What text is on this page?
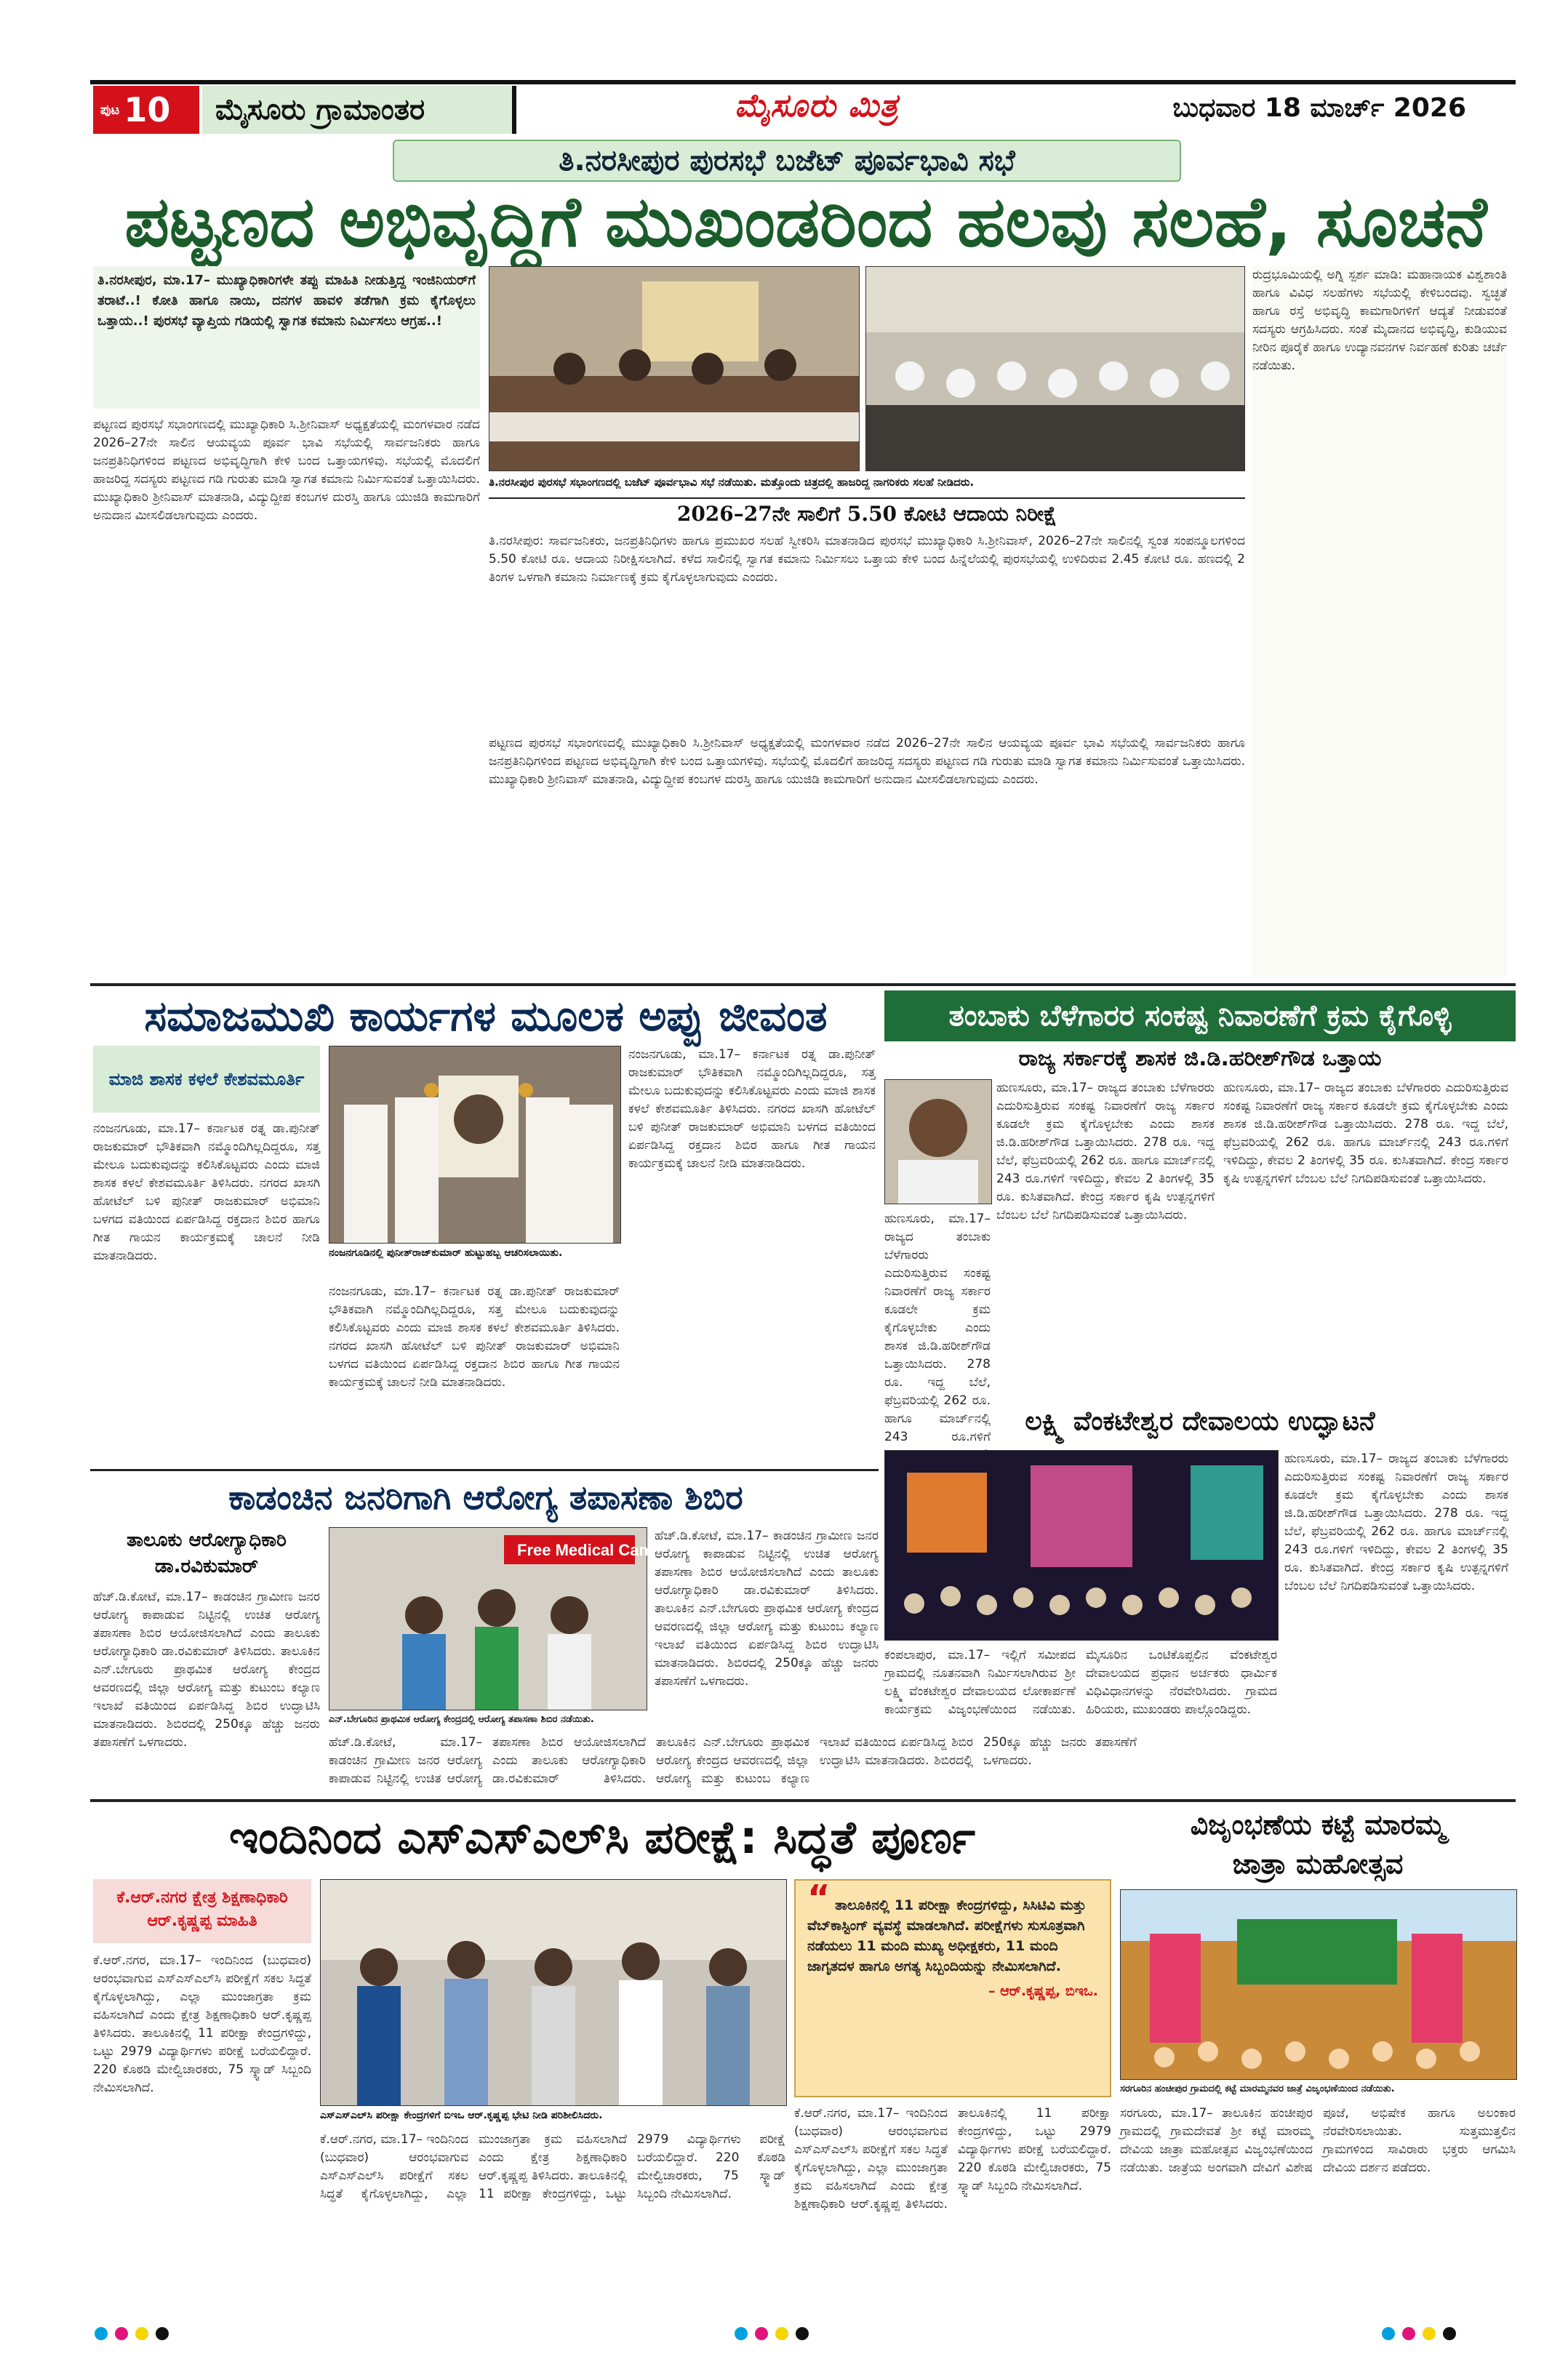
ಪುಟ 10	ಮೈಸೂರು ಗ್ರಾಮಾಂತರ	ಮೈಸೂರು ಮಿತ್ರ	ಬುಧವಾರ 18 ಮಾರ್ಚ್ 2026
ತಿ.ನರಸೀಪುರ ಪುರಸಭೆ ಬಜೆಟ್ ಪೂರ್ವಭಾವಿ ಸಭೆ
ಪಟ್ಟಣದ ಅಭಿವೃದ್ಧಿಗೆ ಮುಖಂಡರಿಂದ ಹಲವು ಸಲಹೆ, ಸೂಚನೆ
ತಿ.ನರಸೀಪುರ, ಮಾ.17– ಮುಖ್ಯಾಧಿಕಾರಿಗಳೇ ತಪ್ಪು ಮಾಹಿತಿ ನೀಡುತ್ತಿದ್ದ ಇಂಜಿನಿಯರ್‌ಗೆ ತರಾಟೆ..! ಕೋತಿ ಹಾಗೂ ನಾಯಿ, ದನಗಳ ಹಾವಳಿ ತಡೆಗಾಗಿ ಕ್ರಮ ಕೈಗೊಳ್ಳಲು ಒತ್ತಾಯ..! ಪುರಸಭೆ ವ್ಯಾಪ್ತಿಯ ಗಡಿಯಲ್ಲಿ ಸ್ವಾಗತ ಕಮಾನು ನಿರ್ಮಿಸಲು ಆಗ್ರಹ..!
ಪಟ್ಟಣದ ಪುರಸಭೆ ಸಭಾಂಗಣದಲ್ಲಿ ಮುಖ್ಯಾಧಿಕಾರಿ ಸಿ.ಶ್ರೀನಿವಾಸ್ ಅಧ್ಯಕ್ಷತೆಯಲ್ಲಿ ಮಂಗಳವಾರ ನಡೆದ 2026–27ನೇ ಸಾಲಿನ ಆಯವ್ಯಯ ಪೂರ್ವ ಭಾವಿ ಸಭೆಯಲ್ಲಿ ಸಾರ್ವಜನಿಕರು ಹಾಗೂ ಜನಪ್ರತಿನಿಧಿಗಳಿಂದ ಪಟ್ಟಣದ ಅಭಿವೃದ್ಧಿಗಾಗಿ ಕೇಳಿ ಬಂದ ಒತ್ತಾಯಗಳಿವು. ಸಭೆಯಲ್ಲಿ ಮೊದಲಿಗೆ ಹಾಜರಿದ್ದ ಸದಸ್ಯರು ಪಟ್ಟಣದ ಗಡಿ ಗುರುತು ಮಾಡಿ ಸ್ವಾಗತ ಕಮಾನು ನಿರ್ಮಿಸುವಂತೆ ಒತ್ತಾಯಿಸಿದರು. ಮುಖ್ಯಾಧಿಕಾರಿ ಶ್ರೀನಿವಾಸ್ ಮಾತನಾಡಿ, ವಿದ್ಯುದ್ದೀಪ ಕಂಬಗಳ ದುರಸ್ತಿ ಹಾಗೂ ಯುಜಿಡಿ ಕಾಮಗಾರಿಗೆ ಅನುದಾನ ಮೀಸಲಿಡಲಾಗುವುದು ಎಂದರು.
ತಿ.ನರಸೀಪುರ ಪುರಸಭೆ ಸಭಾಂಗಣದಲ್ಲಿ ಬಜೆಟ್ ಪೂರ್ವಭಾವಿ ಸಭೆ ನಡೆಯಿತು. ಮತ್ತೊಂದು ಚಿತ್ರದಲ್ಲಿ ಹಾಜರಿದ್ದ ನಾಗರಿಕರು ಸಲಹೆ ನೀಡಿದರು.
2026–27ನೇ ಸಾಲಿಗೆ 5.50 ಕೋಟಿ ಆದಾಯ ನಿರೀಕ್ಷೆ
ತಿ.ನರಸೀಪುರ: ಸಾರ್ವಜನಿಕರು, ಜನಪ್ರತಿನಿಧಿಗಳು ಹಾಗೂ ಪ್ರಮುಖರ ಸಲಹೆ ಸ್ವೀಕರಿಸಿ ಮಾತನಾಡಿದ ಪುರಸಭೆ ಮುಖ್ಯಾಧಿಕಾರಿ ಸಿ.ಶ್ರೀನಿವಾಸ್, 2026–27ನೇ ಸಾಲಿನಲ್ಲಿ ಸ್ವಂತ ಸಂಪನ್ಮೂಲಗಳಿಂದ 5.50 ಕೋಟಿ ರೂ. ಆದಾಯ ನಿರೀಕ್ಷಿಸಲಾಗಿದೆ. ಕಳೆದ ಸಾಲಿನಲ್ಲಿ ಸ್ವಾಗತ ಕಮಾನು ನಿರ್ಮಿಸಲು ಒತ್ತಾಯ ಕೇಳಿ ಬಂದ ಹಿನ್ನೆಲೆಯಲ್ಲಿ ಪುರಸಭೆಯಲ್ಲಿ ಉಳಿದಿರುವ 2.45 ಕೋಟಿ ರೂ. ಹಣದಲ್ಲಿ 2 ತಿಂಗಳ ಒಳಗಾಗಿ ಕಮಾನು ನಿರ್ಮಾಣಕ್ಕೆ ಕ್ರಮ ಕೈಗೊಳ್ಳಲಾಗುವುದು ಎಂದರು.
ಪಟ್ಟಣದ ಪುರಸಭೆ ಸಭಾಂಗಣದಲ್ಲಿ ಮುಖ್ಯಾಧಿಕಾರಿ ಸಿ.ಶ್ರೀನಿವಾಸ್ ಅಧ್ಯಕ್ಷತೆಯಲ್ಲಿ ಮಂಗಳವಾರ ನಡೆದ 2026–27ನೇ ಸಾಲಿನ ಆಯವ್ಯಯ ಪೂರ್ವ ಭಾವಿ ಸಭೆಯಲ್ಲಿ ಸಾರ್ವಜನಿಕರು ಹಾಗೂ ಜನಪ್ರತಿನಿಧಿಗಳಿಂದ ಪಟ್ಟಣದ ಅಭಿವೃದ್ಧಿಗಾಗಿ ಕೇಳಿ ಬಂದ ಒತ್ತಾಯಗಳಿವು. ಸಭೆಯಲ್ಲಿ ಮೊದಲಿಗೆ ಹಾಜರಿದ್ದ ಸದಸ್ಯರು ಪಟ್ಟಣದ ಗಡಿ ಗುರುತು ಮಾಡಿ ಸ್ವಾಗತ ಕಮಾನು ನಿರ್ಮಿಸುವಂತೆ ಒತ್ತಾಯಿಸಿದರು. ಮುಖ್ಯಾಧಿಕಾರಿ ಶ್ರೀನಿವಾಸ್ ಮಾತನಾಡಿ, ವಿದ್ಯುದ್ದೀಪ ಕಂಬಗಳ ದುರಸ್ತಿ ಹಾಗೂ ಯುಜಿಡಿ ಕಾಮಗಾರಿಗೆ ಅನುದಾನ ಮೀಸಲಿಡಲಾಗುವುದು ಎಂದರು.
ರುದ್ರಭೂಮಿಯಲ್ಲಿ ಅಗ್ನಿ ಸ್ಪರ್ಶ ಮಾಡಿ: ಮಹಾನಾಯಕ ವಿಶ್ವಶಾಂತಿ ಹಾಗೂ ವಿವಿಧ ಸಲಹೆಗಳು ಸಭೆಯಲ್ಲಿ ಕೇಳಿಬಂದವು. ಸ್ವಚ್ಛತೆ ಹಾಗೂ ರಸ್ತೆ ಅಭಿವೃದ್ಧಿ ಕಾಮಗಾರಿಗಳಿಗೆ ಆದ್ಯತೆ ನೀಡುವಂತೆ ಸದಸ್ಯರು ಆಗ್ರಹಿಸಿದರು. ಸಂತೆ ಮೈದಾನದ ಅಭಿವೃದ್ಧಿ, ಕುಡಿಯುವ ನೀರಿನ ಪೂರೈಕೆ ಹಾಗೂ ಉದ್ಯಾನವನಗಳ ನಿರ್ವಹಣೆ ಕುರಿತು ಚರ್ಚೆ ನಡೆಯಿತು.
ಸಮಾಜಮುಖಿ ಕಾರ್ಯಗಳ ಮೂಲಕ ಅಪ್ಪು ಜೀವಂತ
ಮಾಜಿ ಶಾಸಕ ಕಳಲೆ ಕೇಶವಮೂರ್ತಿ
ನಂಜನಗೂಡು, ಮಾ.17– ಕರ್ನಾಟಕ ರತ್ನ ಡಾ.ಪುನೀತ್ ರಾಜಕುಮಾರ್ ಭೌತಿಕವಾಗಿ ನಮ್ಮೊಂದಿಗಿಲ್ಲದಿದ್ದರೂ, ಸತ್ತ ಮೇಲೂ ಬದುಕುವುದನ್ನು ಕಲಿಸಿಕೊಟ್ಟವರು ಎಂದು ಮಾಜಿ ಶಾಸಕ ಕಳಲೆ ಕೇಶವಮೂರ್ತಿ ತಿಳಿಸಿದರು. ನಗರದ ಖಾಸಗಿ ಹೋಟೆಲ್ ಬಳಿ ಪುನೀತ್ ರಾಜಕುಮಾರ್ ಅಭಿಮಾನಿ ಬಳಗದ ವತಿಯಿಂದ ಏರ್ಪಡಿಸಿದ್ದ ರಕ್ತದಾನ ಶಿಬಿರ ಹಾಗೂ ಗೀತ ಗಾಯನ ಕಾರ್ಯಕ್ರಮಕ್ಕೆ ಚಾಲನೆ ನೀಡಿ ಮಾತನಾಡಿದರು.	ನಂಜನಗೂಡಿನಲ್ಲಿ ಪುನೀತ್‌ರಾಜ್‌ಕುಮಾರ್ ಹುಟ್ಟುಹಬ್ಬ ಆಚರಿಸಲಾಯಿತು.
ನಂಜನಗೂಡು, ಮಾ.17– ಕರ್ನಾಟಕ ರತ್ನ ಡಾ.ಪುನೀತ್ ರಾಜಕುಮಾರ್ ಭೌತಿಕವಾಗಿ ನಮ್ಮೊಂದಿಗಿಲ್ಲದಿದ್ದರೂ, ಸತ್ತ ಮೇಲೂ ಬದುಕುವುದನ್ನು ಕಲಿಸಿಕೊಟ್ಟವರು ಎಂದು ಮಾಜಿ ಶಾಸಕ ಕಳಲೆ ಕೇಶವಮೂರ್ತಿ ತಿಳಿಸಿದರು. ನಗರದ ಖಾಸಗಿ ಹೋಟೆಲ್ ಬಳಿ ಪುನೀತ್ ರಾಜಕುಮಾರ್ ಅಭಿಮಾನಿ ಬಳಗದ ವತಿಯಿಂದ ಏರ್ಪಡಿಸಿದ್ದ ರಕ್ತದಾನ ಶಿಬಿರ ಹಾಗೂ ಗೀತ ಗಾಯನ ಕಾರ್ಯಕ್ರಮಕ್ಕೆ ಚಾಲನೆ ನೀಡಿ ಮಾತನಾಡಿದರು.
ನಂಜನಗೂಡು, ಮಾ.17– ಕರ್ನಾಟಕ ರತ್ನ ಡಾ.ಪುನೀತ್ ರಾಜಕುಮಾರ್ ಭೌತಿಕವಾಗಿ ನಮ್ಮೊಂದಿಗಿಲ್ಲದಿದ್ದರೂ, ಸತ್ತ ಮೇಲೂ ಬದುಕುವುದನ್ನು ಕಲಿಸಿಕೊಟ್ಟವರು ಎಂದು ಮಾಜಿ ಶಾಸಕ ಕಳಲೆ ಕೇಶವಮೂರ್ತಿ ತಿಳಿಸಿದರು. ನಗರದ ಖಾಸಗಿ ಹೋಟೆಲ್ ಬಳಿ ಪುನೀತ್ ರಾಜಕುಮಾರ್ ಅಭಿಮಾನಿ ಬಳಗದ ವತಿಯಿಂದ ಏರ್ಪಡಿಸಿದ್ದ ರಕ್ತದಾನ ಶಿಬಿರ ಹಾಗೂ ಗೀತ ಗಾಯನ ಕಾರ್ಯಕ್ರಮಕ್ಕೆ ಚಾಲನೆ ನೀಡಿ ಮಾತನಾಡಿದರು.
ತಂಬಾಕು ಬೆಳೆಗಾರರ ಸಂಕಷ್ಟ ನಿವಾರಣೆಗೆ ಕ್ರಮ ಕೈಗೊಳ್ಳಿ
ರಾಜ್ಯ ಸರ್ಕಾರಕ್ಕೆ ಶಾಸಕ ಜಿ.ಡಿ.ಹರೀಶ್‌ಗೌಡ ಒತ್ತಾಯ
ಹುಣಸೂರು, ಮಾ.17– ರಾಜ್ಯದ ತಂಬಾಕು ಬೆಳೆಗಾರರು ಎದುರಿಸುತ್ತಿರುವ ಸಂಕಷ್ಟ ನಿವಾರಣೆಗೆ ರಾಜ್ಯ ಸರ್ಕಾರ ಕೂಡಲೇ ಕ್ರಮ ಕೈಗೊಳ್ಳಬೇಕು ಎಂದು ಶಾಸಕ ಜಿ.ಡಿ.ಹರೀಶ್‌ಗೌಡ ಒತ್ತಾಯಿಸಿದರು. 278 ರೂ. ಇದ್ದ ಬೆಲೆ, ಫೆಬ್ರವರಿಯಲ್ಲಿ 262 ರೂ. ಹಾಗೂ ಮಾರ್ಚ್‌ನಲ್ಲಿ 243 ರೂ.ಗಳಿಗೆ ಇಳಿದಿದ್ದು, ಕೇವಲ 2 ತಿಂಗಳಲ್ಲಿ 35 ರೂ. ಕುಸಿತವಾಗಿದೆ. ಕೇಂದ್ರ ಸರ್ಕಾರ ಕೃಷಿ ಉತ್ಪನ್ನಗಳಿಗೆ ಬೆಂಬಲ ಬೆಲೆ ನಿಗದಿಪಡಿಸುವಂತೆ ಒತ್ತಾಯಿಸಿದರು.
ಹುಣಸೂರು, ಮಾ.17– ರಾಜ್ಯದ ತಂಬಾಕು ಬೆಳೆಗಾರರು ಎದುರಿಸುತ್ತಿರುವ ಸಂಕಷ್ಟ ನಿವಾರಣೆಗೆ ರಾಜ್ಯ ಸರ್ಕಾರ ಕೂಡಲೇ ಕ್ರಮ ಕೈಗೊಳ್ಳಬೇಕು ಎಂದು ಶಾಸಕ ಜಿ.ಡಿ.ಹರೀಶ್‌ಗೌಡ ಒತ್ತಾಯಿಸಿದರು. 278 ರೂ. ಇದ್ದ ಬೆಲೆ, ಫೆಬ್ರವರಿಯಲ್ಲಿ 262 ರೂ. ಹಾಗೂ ಮಾರ್ಚ್‌ನಲ್ಲಿ 243 ರೂ.ಗಳಿಗೆ
ಹುಣಸೂರು, ಮಾ.17– ರಾಜ್ಯದ ತಂಬಾಕು ಬೆಳೆಗಾರರು ಎದುರಿಸುತ್ತಿರುವ ಸಂಕಷ್ಟ ನಿವಾರಣೆಗೆ ರಾಜ್ಯ ಸರ್ಕಾರ ಕೂಡಲೇ ಕ್ರಮ ಕೈಗೊಳ್ಳಬೇಕು ಎಂದು ಶಾಸಕ ಜಿ.ಡಿ.ಹರೀಶ್‌ಗೌಡ ಒತ್ತಾಯಿಸಿದರು. 278 ರೂ. ಇದ್ದ ಬೆಲೆ, ಫೆಬ್ರವರಿಯಲ್ಲಿ 262 ರೂ. ಹಾಗೂ ಮಾರ್ಚ್‌ನಲ್ಲಿ 243 ರೂ.ಗಳಿಗೆ ಇಳಿದಿದ್ದು, ಕೇವಲ 2 ತಿಂಗಳಲ್ಲಿ 35 ರೂ. ಕುಸಿತವಾಗಿದೆ. ಕೇಂದ್ರ ಸರ್ಕಾರ ಕೃಷಿ ಉತ್ಪನ್ನಗಳಿಗೆ ಬೆಂಬಲ ಬೆಲೆ ನಿಗದಿಪಡಿಸುವಂತೆ ಒತ್ತಾಯಿಸಿದರು.
ಲಕ್ಷ್ಮಿ ವೆಂಕಟೇಶ್ವರ ದೇವಾಲಯ ಉದ್ಘಾಟನೆ
ಹುಣಸೂರು, ಮಾ.17– ರಾಜ್ಯದ ತಂಬಾಕು ಬೆಳೆಗಾರರು ಎದುರಿಸುತ್ತಿರುವ ಸಂಕಷ್ಟ ನಿವಾರಣೆಗೆ ರಾಜ್ಯ ಸರ್ಕಾರ ಕೂಡಲೇ ಕ್ರಮ ಕೈಗೊಳ್ಳಬೇಕು ಎಂದು ಶಾಸಕ ಜಿ.ಡಿ.ಹರೀಶ್‌ಗೌಡ ಒತ್ತಾಯಿಸಿದರು. 278 ರೂ. ಇದ್ದ ಬೆಲೆ, ಫೆಬ್ರವರಿಯಲ್ಲಿ 262 ರೂ. ಹಾಗೂ ಮಾರ್ಚ್‌ನಲ್ಲಿ 243 ರೂ.ಗಳಿಗೆ ಇಳಿದಿದ್ದು, ಕೇವಲ 2 ತಿಂಗಳಲ್ಲಿ 35 ರೂ. ಕುಸಿತವಾಗಿದೆ. ಕೇಂದ್ರ ಸರ್ಕಾರ ಕೃಷಿ ಉತ್ಪನ್ನಗಳಿಗೆ ಬೆಂಬಲ ಬೆಲೆ ನಿಗದಿಪಡಿಸುವಂತೆ ಒತ್ತಾಯಿಸಿದರು.
ಕಂಪಲಾಪುರ, ಮಾ.17– ಇಲ್ಲಿಗೆ ಸಮೀಪದ ಗ್ರಾಮದಲ್ಲಿ ನೂತನವಾಗಿ ನಿರ್ಮಿಸಲಾಗಿರುವ ಶ್ರೀ ಲಕ್ಷ್ಮಿ ವೆಂಕಟೇಶ್ವರ ದೇವಾಲಯದ ಲೋಕಾರ್ಪಣೆ ಕಾರ್ಯಕ್ರಮ ವಿಜೃಂಭಣೆಯಿಂದ ನಡೆಯಿತು. ಮೈಸೂರಿನ ಒಂಟಿಕೊಪ್ಪಲಿನ ವೆಂಕಟೇಶ್ವರ ದೇವಾಲಯದ ಪ್ರಧಾನ ಅರ್ಚಕರು ಧಾರ್ಮಿಕ ವಿಧಿವಿಧಾನಗಳನ್ನು ನೆರವೇರಿಸಿದರು. ಗ್ರಾಮದ ಹಿರಿಯರು, ಮುಖಂಡರು ಪಾಲ್ಗೊಂಡಿದ್ದರು.
ಕಾಡಂಚಿನ ಜನರಿಗಾಗಿ ಆರೋಗ್ಯ ತಪಾಸಣಾ ಶಿಬಿರ
ತಾಲೂಕು ಆರೋಗ್ಯಾಧಿಕಾರಿ
ಡಾ.ರವಿಕುಮಾರ್
ಹೆಚ್.ಡಿ.ಕೋಟೆ, ಮಾ.17– ಕಾಡಂಚಿನ ಗ್ರಾಮೀಣ ಜನರ ಆರೋಗ್ಯ ಕಾಪಾಡುವ ನಿಟ್ಟಿನಲ್ಲಿ ಉಚಿತ ಆರೋಗ್ಯ ತಪಾಸಣಾ ಶಿಬಿರ ಆಯೋಜಿಸಲಾಗಿದೆ ಎಂದು ತಾಲೂಕು ಆರೋಗ್ಯಾಧಿಕಾರಿ ಡಾ.ರವಿಕುಮಾರ್ ತಿಳಿಸಿದರು. ತಾಲೂಕಿನ ಎನ್.ಬೇಗೂರು ಪ್ರಾಥಮಿಕ ಆರೋಗ್ಯ ಕೇಂದ್ರದ ಆವರಣದಲ್ಲಿ ಜಿಲ್ಲಾ ಆರೋಗ್ಯ ಮತ್ತು ಕುಟುಂಬ ಕಲ್ಯಾಣ ಇಲಾಖೆ ವತಿಯಿಂದ ಏರ್ಪಡಿಸಿದ್ದ ಶಿಬಿರ ಉದ್ಘಾಟಿಸಿ ಮಾತನಾಡಿದರು. ಶಿಬಿರದಲ್ಲಿ 250ಕ್ಕೂ ಹೆಚ್ಚು ಜನರು ತಪಾಸಣೆಗೆ ಒಳಗಾದರು.
Free Medical Camp
ಎನ್.ಬೇಗೂರಿನ ಪ್ರಾಥಮಿಕ ಆರೋಗ್ಯ ಕೇಂದ್ರದಲ್ಲಿ ಆರೋಗ್ಯ ತಪಾಸಣಾ ಶಿಬಿರ ನಡೆಯಿತು.
ಹೆಚ್.ಡಿ.ಕೋಟೆ, ಮಾ.17– ಕಾಡಂಚಿನ ಗ್ರಾಮೀಣ ಜನರ ಆರೋಗ್ಯ ಕಾಪಾಡುವ ನಿಟ್ಟಿನಲ್ಲಿ ಉಚಿತ ಆರೋಗ್ಯ ತಪಾಸಣಾ ಶಿಬಿರ ಆಯೋಜಿಸಲಾಗಿದೆ ಎಂದು ತಾಲೂಕು ಆರೋಗ್ಯಾಧಿಕಾರಿ ಡಾ.ರವಿಕುಮಾರ್ ತಿಳಿಸಿದರು. ತಾಲೂಕಿನ ಎನ್.ಬೇಗೂರು ಪ್ರಾಥಮಿಕ ಆರೋಗ್ಯ ಕೇಂದ್ರದ ಆವರಣದಲ್ಲಿ ಜಿಲ್ಲಾ ಆರೋಗ್ಯ ಮತ್ತು ಕುಟುಂಬ ಕಲ್ಯಾಣ ಇಲಾಖೆ ವತಿಯಿಂದ ಏರ್ಪಡಿಸಿದ್ದ ಶಿಬಿರ ಉದ್ಘಾಟಿಸಿ ಮಾತನಾಡಿದರು. ಶಿಬಿರದಲ್ಲಿ 250ಕ್ಕೂ ಹೆಚ್ಚು ಜನರು ತಪಾಸಣೆಗೆ ಒಳಗಾದರು.
ಹೆಚ್.ಡಿ.ಕೋಟೆ, ಮಾ.17– ಕಾಡಂಚಿನ ಗ್ರಾಮೀಣ ಜನರ ಆರೋಗ್ಯ ಕಾಪಾಡುವ ನಿಟ್ಟಿನಲ್ಲಿ ಉಚಿತ ಆರೋಗ್ಯ ತಪಾಸಣಾ ಶಿಬಿರ ಆಯೋಜಿಸಲಾಗಿದೆ ಎಂದು ತಾಲೂಕು ಆರೋಗ್ಯಾಧಿಕಾರಿ ಡಾ.ರವಿಕುಮಾರ್ ತಿಳಿಸಿದರು. ತಾಲೂಕಿನ ಎನ್.ಬೇಗೂರು ಪ್ರಾಥಮಿಕ ಆರೋಗ್ಯ ಕೇಂದ್ರದ ಆವರಣದಲ್ಲಿ ಜಿಲ್ಲಾ ಆರೋಗ್ಯ ಮತ್ತು ಕುಟುಂಬ ಕಲ್ಯಾಣ ಇಲಾಖೆ ವತಿಯಿಂದ ಏರ್ಪಡಿಸಿದ್ದ ಶಿಬಿರ ಉದ್ಘಾಟಿಸಿ ಮಾತನಾಡಿದರು. ಶಿಬಿರದಲ್ಲಿ 250ಕ್ಕೂ ಹೆಚ್ಚು ಜನರು ತಪಾಸಣೆಗೆ ಒಳಗಾದರು.
ಇಂದಿನಿಂದ ಎಸ್‌ಎಸ್‌ಎಲ್‌ಸಿ ಪರೀಕ್ಷೆ: ಸಿದ್ಧತೆ ಪೂರ್ಣ
ಕೆ.ಆರ್.ನಗರ ಕ್ಷೇತ್ರ ಶಿಕ್ಷಣಾಧಿಕಾರಿ
ಆರ್.ಕೃಷ್ಣಪ್ಪ ಮಾಹಿತಿ
ಕೆ.ಆರ್.ನಗರ, ಮಾ.17– ಇಂದಿನಿಂದ (ಬುಧವಾರ) ಆರಂಭವಾಗುವ ಎಸ್‌ಎಸ್‌ಎಲ್‌ಸಿ ಪರೀಕ್ಷೆಗೆ ಸಕಲ ಸಿದ್ಧತೆ ಕೈಗೊಳ್ಳಲಾಗಿದ್ದು, ಎಲ್ಲಾ ಮುಂಜಾಗ್ರತಾ ಕ್ರಮ ವಹಿಸಲಾಗಿದೆ ಎಂದು ಕ್ಷೇತ್ರ ಶಿಕ್ಷಣಾಧಿಕಾರಿ ಆರ್.ಕೃಷ್ಣಪ್ಪ ತಿಳಿಸಿದರು. ತಾಲೂಕಿನಲ್ಲಿ 11 ಪರೀಕ್ಷಾ ಕೇಂದ್ರಗಳಿದ್ದು, ಒಟ್ಟು 2979 ವಿದ್ಯಾರ್ಥಿಗಳು ಪರೀಕ್ಷೆ ಬರೆಯಲಿದ್ದಾರೆ. 220 ಕೊಠಡಿ ಮೇಲ್ವಿಚಾರಕರು, 75 ಸ್ಕ್ವಾಡ್ ಸಿಬ್ಬಂದಿ ನೇಮಿಸಲಾಗಿದೆ.
ಎಸ್‌ಎಸ್‌ಎಲ್‌ಸಿ ಪರೀಕ್ಷಾ ಕೇಂದ್ರಗಳಿಗೆ ಬಿಇಒ ಆರ್.ಕೃಷ್ಣಪ್ಪ ಭೇಟಿ ನೀಡಿ ಪರಿಶೀಲಿಸಿದರು.
ಕೆ.ಆರ್.ನಗರ, ಮಾ.17– ಇಂದಿನಿಂದ (ಬುಧವಾರ) ಆರಂಭವಾಗುವ ಎಸ್‌ಎಸ್‌ಎಲ್‌ಸಿ ಪರೀಕ್ಷೆಗೆ ಸಕಲ ಸಿದ್ಧತೆ ಕೈಗೊಳ್ಳಲಾಗಿದ್ದು, ಎಲ್ಲಾ ಮುಂಜಾಗ್ರತಾ ಕ್ರಮ ವಹಿಸಲಾಗಿದೆ ಎಂದು ಕ್ಷೇತ್ರ ಶಿಕ್ಷಣಾಧಿಕಾರಿ ಆರ್.ಕೃಷ್ಣಪ್ಪ ತಿಳಿಸಿದರು. ತಾಲೂಕಿನಲ್ಲಿ 11 ಪರೀಕ್ಷಾ ಕೇಂದ್ರಗಳಿದ್ದು, ಒಟ್ಟು 2979 ವಿದ್ಯಾರ್ಥಿಗಳು ಪರೀಕ್ಷೆ ಬರೆಯಲಿದ್ದಾರೆ. 220 ಕೊಠಡಿ ಮೇಲ್ವಿಚಾರಕರು, 75 ಸ್ಕ್ವಾಡ್ ಸಿಬ್ಬಂದಿ ನೇಮಿಸಲಾಗಿದೆ.
“ ತಾಲೂಕಿನಲ್ಲಿ 11 ಪರೀಕ್ಷಾ ಕೇಂದ್ರಗಳಿದ್ದು, ಸಿಸಿಟಿವಿ ಮತ್ತು ವೆಬ್‌ಕಾಸ್ಟಿಂಗ್ ವ್ಯವಸ್ಥೆ ಮಾಡಲಾಗಿದೆ. ಪರೀಕ್ಷೆಗಳು ಸುಸೂತ್ರವಾಗಿ ನಡೆಯಲು 11 ಮಂದಿ ಮುಖ್ಯ ಅಧೀಕ್ಷಕರು, 11 ಮಂದಿ ಜಾಗೃತದಳ ಹಾಗೂ ಅಗತ್ಯ ಸಿಬ್ಬಂದಿಯನ್ನು ನೇಮಿಸಲಾಗಿದೆ.
– ಆರ್.ಕೃಷ್ಣಪ್ಪ, ಬಿಇಒ.
ಕೆ.ಆರ್.ನಗರ, ಮಾ.17– ಇಂದಿನಿಂದ (ಬುಧವಾರ) ಆರಂಭವಾಗುವ ಎಸ್‌ಎಸ್‌ಎಲ್‌ಸಿ ಪರೀಕ್ಷೆಗೆ ಸಕಲ ಸಿದ್ಧತೆ ಕೈಗೊಳ್ಳಲಾಗಿದ್ದು, ಎಲ್ಲಾ ಮುಂಜಾಗ್ರತಾ ಕ್ರಮ ವಹಿಸಲಾಗಿದೆ ಎಂದು ಕ್ಷೇತ್ರ ಶಿಕ್ಷಣಾಧಿಕಾರಿ ಆರ್.ಕೃಷ್ಣಪ್ಪ ತಿಳಿಸಿದರು. ತಾಲೂಕಿನಲ್ಲಿ 11 ಪರೀಕ್ಷಾ ಕೇಂದ್ರಗಳಿದ್ದು, ಒಟ್ಟು 2979 ವಿದ್ಯಾರ್ಥಿಗಳು ಪರೀಕ್ಷೆ ಬರೆಯಲಿದ್ದಾರೆ. 220 ಕೊಠಡಿ ಮೇಲ್ವಿಚಾರಕರು, 75 ಸ್ಕ್ವಾಡ್ ಸಿಬ್ಬಂದಿ ನೇಮಿಸಲಾಗಿದೆ.
ವಿಜೃಂಭಣೆಯ ಕಟ್ಟೆ ಮಾರಮ್ಮ
ಜಾತ್ರಾ ಮಹೋತ್ಸವ
ಸರಗೂರಿನ ಹಂಚೀಪುರ ಗ್ರಾಮದಲ್ಲಿ ಕಟ್ಟೆ ಮಾರಮ್ಮನವರ ಜಾತ್ರೆ ವಿಜೃಂಭಣೆಯಿಂದ ನಡೆಯಿತು.
ಸರಗೂರು, ಮಾ.17– ತಾಲೂಕಿನ ಹಂಚೀಪುರ ಗ್ರಾಮದಲ್ಲಿ ಗ್ರಾಮದೇವತೆ ಶ್ರೀ ಕಟ್ಟೆ ಮಾರಮ್ಮ ದೇವಿಯ ಜಾತ್ರಾ ಮಹೋತ್ಸವ ವಿಜೃಂಭಣೆಯಿಂದ ನಡೆಯಿತು. ಜಾತ್ರೆಯ ಅಂಗವಾಗಿ ದೇವಿಗೆ ವಿಶೇಷ ಪೂಜೆ, ಅಭಿಷೇಕ ಹಾಗೂ ಅಲಂಕಾರ ನೆರವೇರಿಸಲಾಯಿತು. ಸುತ್ತಮುತ್ತಲಿನ ಗ್ರಾಮಗಳಿಂದ ಸಾವಿರಾರು ಭಕ್ತರು ಆಗಮಿಸಿ ದೇವಿಯ ದರ್ಶನ ಪಡೆದರು.
